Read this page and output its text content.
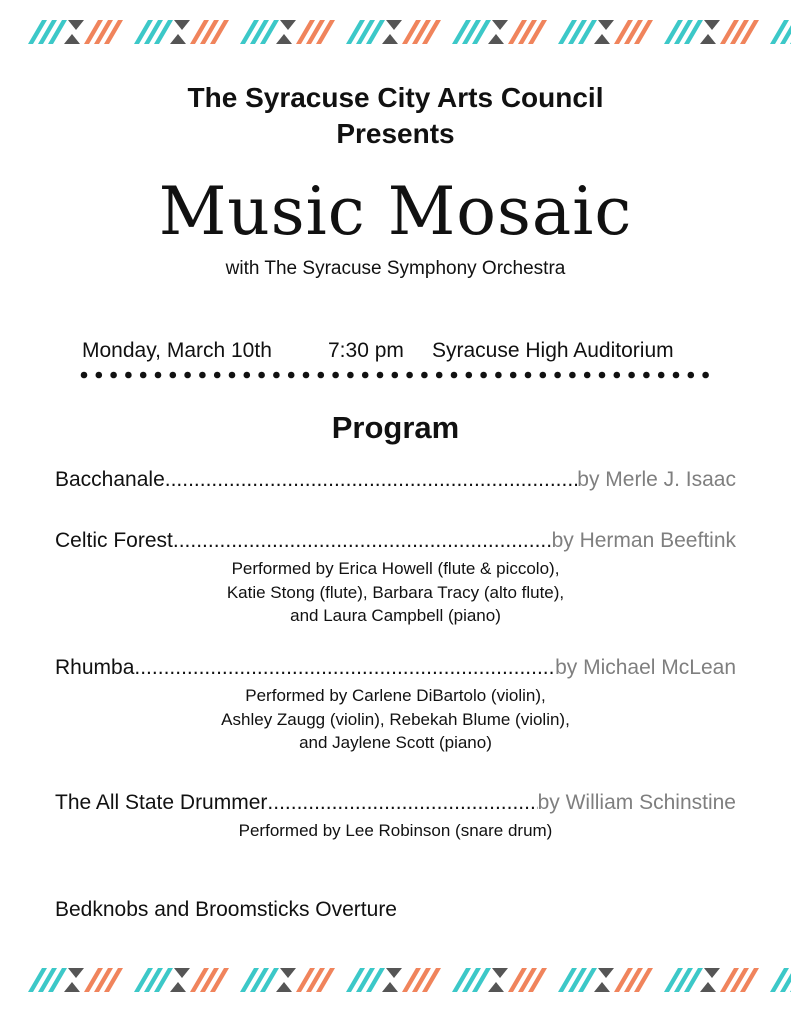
The Syracuse City Arts Council
Presents
Music Mosaic
with The Syracuse Symphony Orchestra
Monday, March 10th	7:30 pm Syracuse High Auditorium
Program
Bacchanale .....	by Merle J. Isaac
Celtic Forest .....	by Herman Beeftink
Performed by Erica Howell (flute & piccolo),
Katie Stong (flute), Barbara Tracy (alto flute),
and Laura Campbell (piano)
Rhumba .....	by Michael McLean
Performed by Carlene DiBartolo (violin),
Ashley Zaugg (violin), Rebekah Blume (violin),
and Jaylene Scott (piano)
The All State Drummer .....	by William Schinstine
Performed by Lee Robinson (snare drum)
Bedknobs and Broomsticks Overture
